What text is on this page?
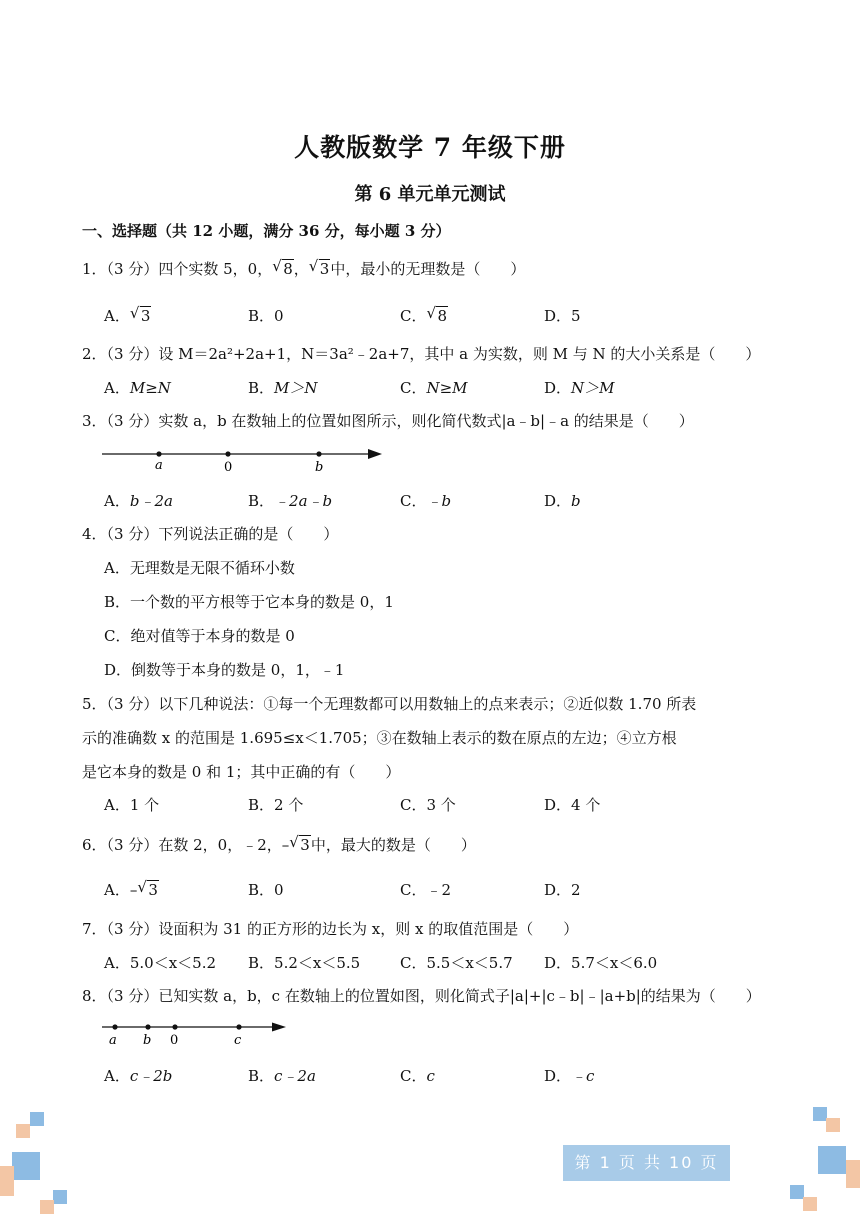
人教版数学 7 年级下册
第 6 单元单元测试
一、选择题（共 12 小题，满分 36 分，每小题 3 分）
1．（3 分）四个实数 5，0， √ 8， √ 3中，最小的无理数是（　　）
A． √ 3	B．0	C． √ 8	D．5
2．（3 分）设 M＝2a²+2a+1，N＝3a²﹣2a+7，其中 a 为实数，则 M 与 N 的大小关系是（　　）
A．M≥N	B．M＞N	C．N≥M	D．N＞M
3．（3 分）实数 a，b 在数轴上的位置如图所示，则化简代数式|a﹣b|﹣a 的结果是（　　）
a	0	b
A．b﹣2a	B．﹣2a﹣b	C．﹣b	D．b
4．（3 分）下列说法正确的是（　　）
A．无理数是无限不循环小数
B．一个数的平方根等于它本身的数是 0，1
C．绝对值等于本身的数是 0
D．倒数等于本身的数是 0，1，﹣1
5．（3 分）以下几种说法：①每一个无理数都可以用数轴上的点来表示；②近似数 1.70 所表
示的准确数 x 的范围是 1.695≤x＜1.705；③在数轴上表示的数在原点的左边；④立方根
是它本身的数是 0 和 1；其中正确的有（　　）
A．1 个	B．2 个	C．3 个	D．4 个
6．（3 分）在数 2，0，﹣2，– √ 3中，最大的数是（　　）
A．– √ 3	B．0	C．﹣2	D．2
7．（3 分）设面积为 31 的正方形的边长为 x，则 x 的取值范围是（　　）
A．5.0＜x＜5.2 B．5.2＜x＜5.5	C．5.5＜x＜5.7 D．5.7＜x＜6.0
8．（3 分）已知实数 a，b，c 在数轴上的位置如图，则化简式子|a|+|c﹣b|﹣|a+b|的结果为（　　）
a b 0	c
A．c﹣2b	B．c﹣2a	C．c	D．﹣c
第 1 页 共 10 页
